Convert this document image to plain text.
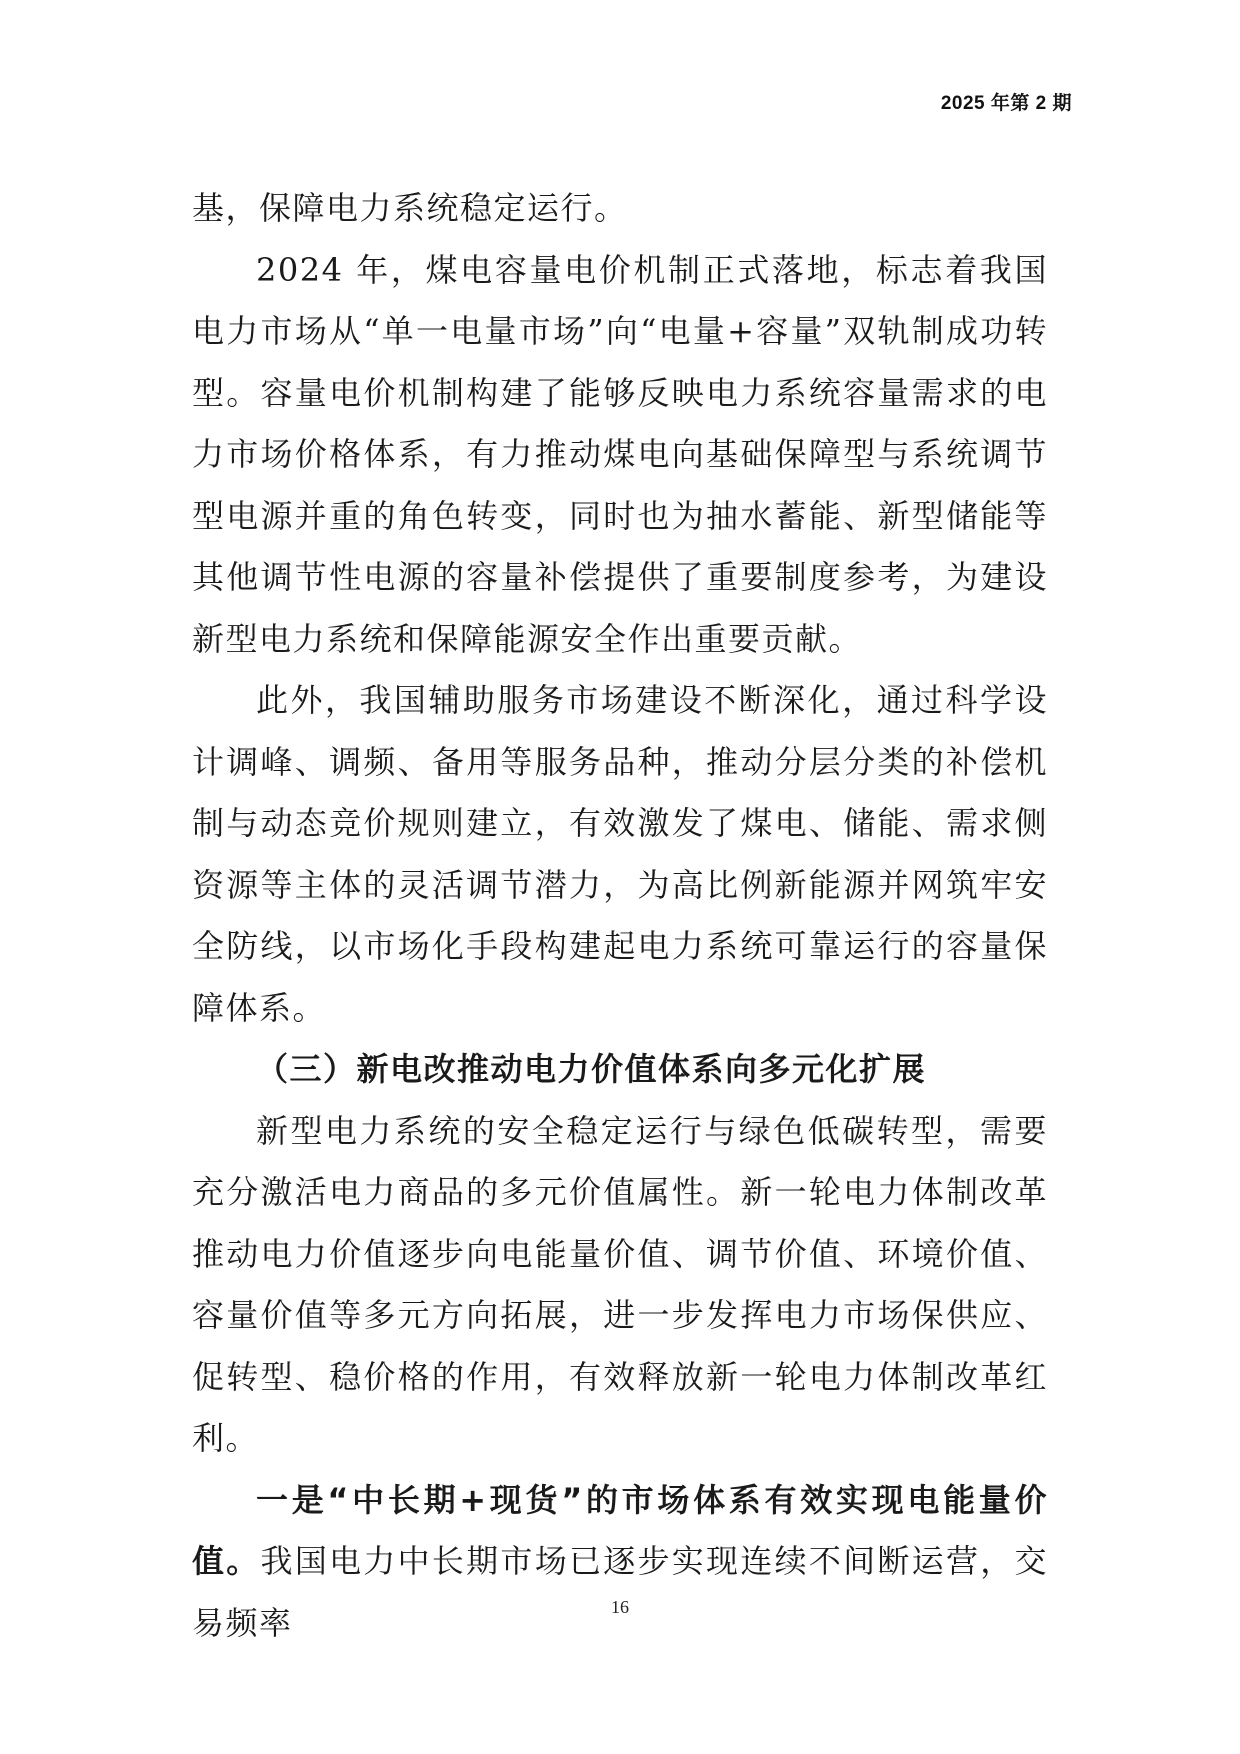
2025 年第 2 期

基，保障电力系统稳定运行。

2024 年，煤电容量电价机制正式落地，标志着我国电力市场从“单一电量市场”向“电量+容量”双轨制成功转型。容量电价机制构建了能够反映电力系统容量需求的电力市场价格体系，有力推动煤电向基础保障型与系统调节型电源并重的角色转变，同时也为抽水蓄能、新型储能等其他调节性电源的容量补偿提供了重要制度参考，为建设新型电力系统和保障能源安全作出重要贡献。

此外，我国辅助服务市场建设不断深化，通过科学设计调峰、调频、备用等服务品种，推动分层分类的补偿机制与动态竞价规则建立，有效激发了煤电、储能、需求侧资源等主体的灵活调节潜力，为高比例新能源并网筑牢安全防线，以市场化手段构建起电力系统可靠运行的容量保障体系。

（三）新电改推动电力价值体系向多元化扩展

新型电力系统的安全稳定运行与绿色低碳转型，需要充分激活电力商品的多元价值属性。新一轮电力体制改革推动电力价值逐步向电能量价值、调节价值、环境价值、容量价值等多元方向拓展，进一步发挥电力市场保供应、促转型、稳价格的作用，有效释放新一轮电力体制改革红利。

一是“中长期+现货”的市场体系有效实现电能量价值。我国电力中长期市场已逐步实现连续不间断运营，交易频率	16
